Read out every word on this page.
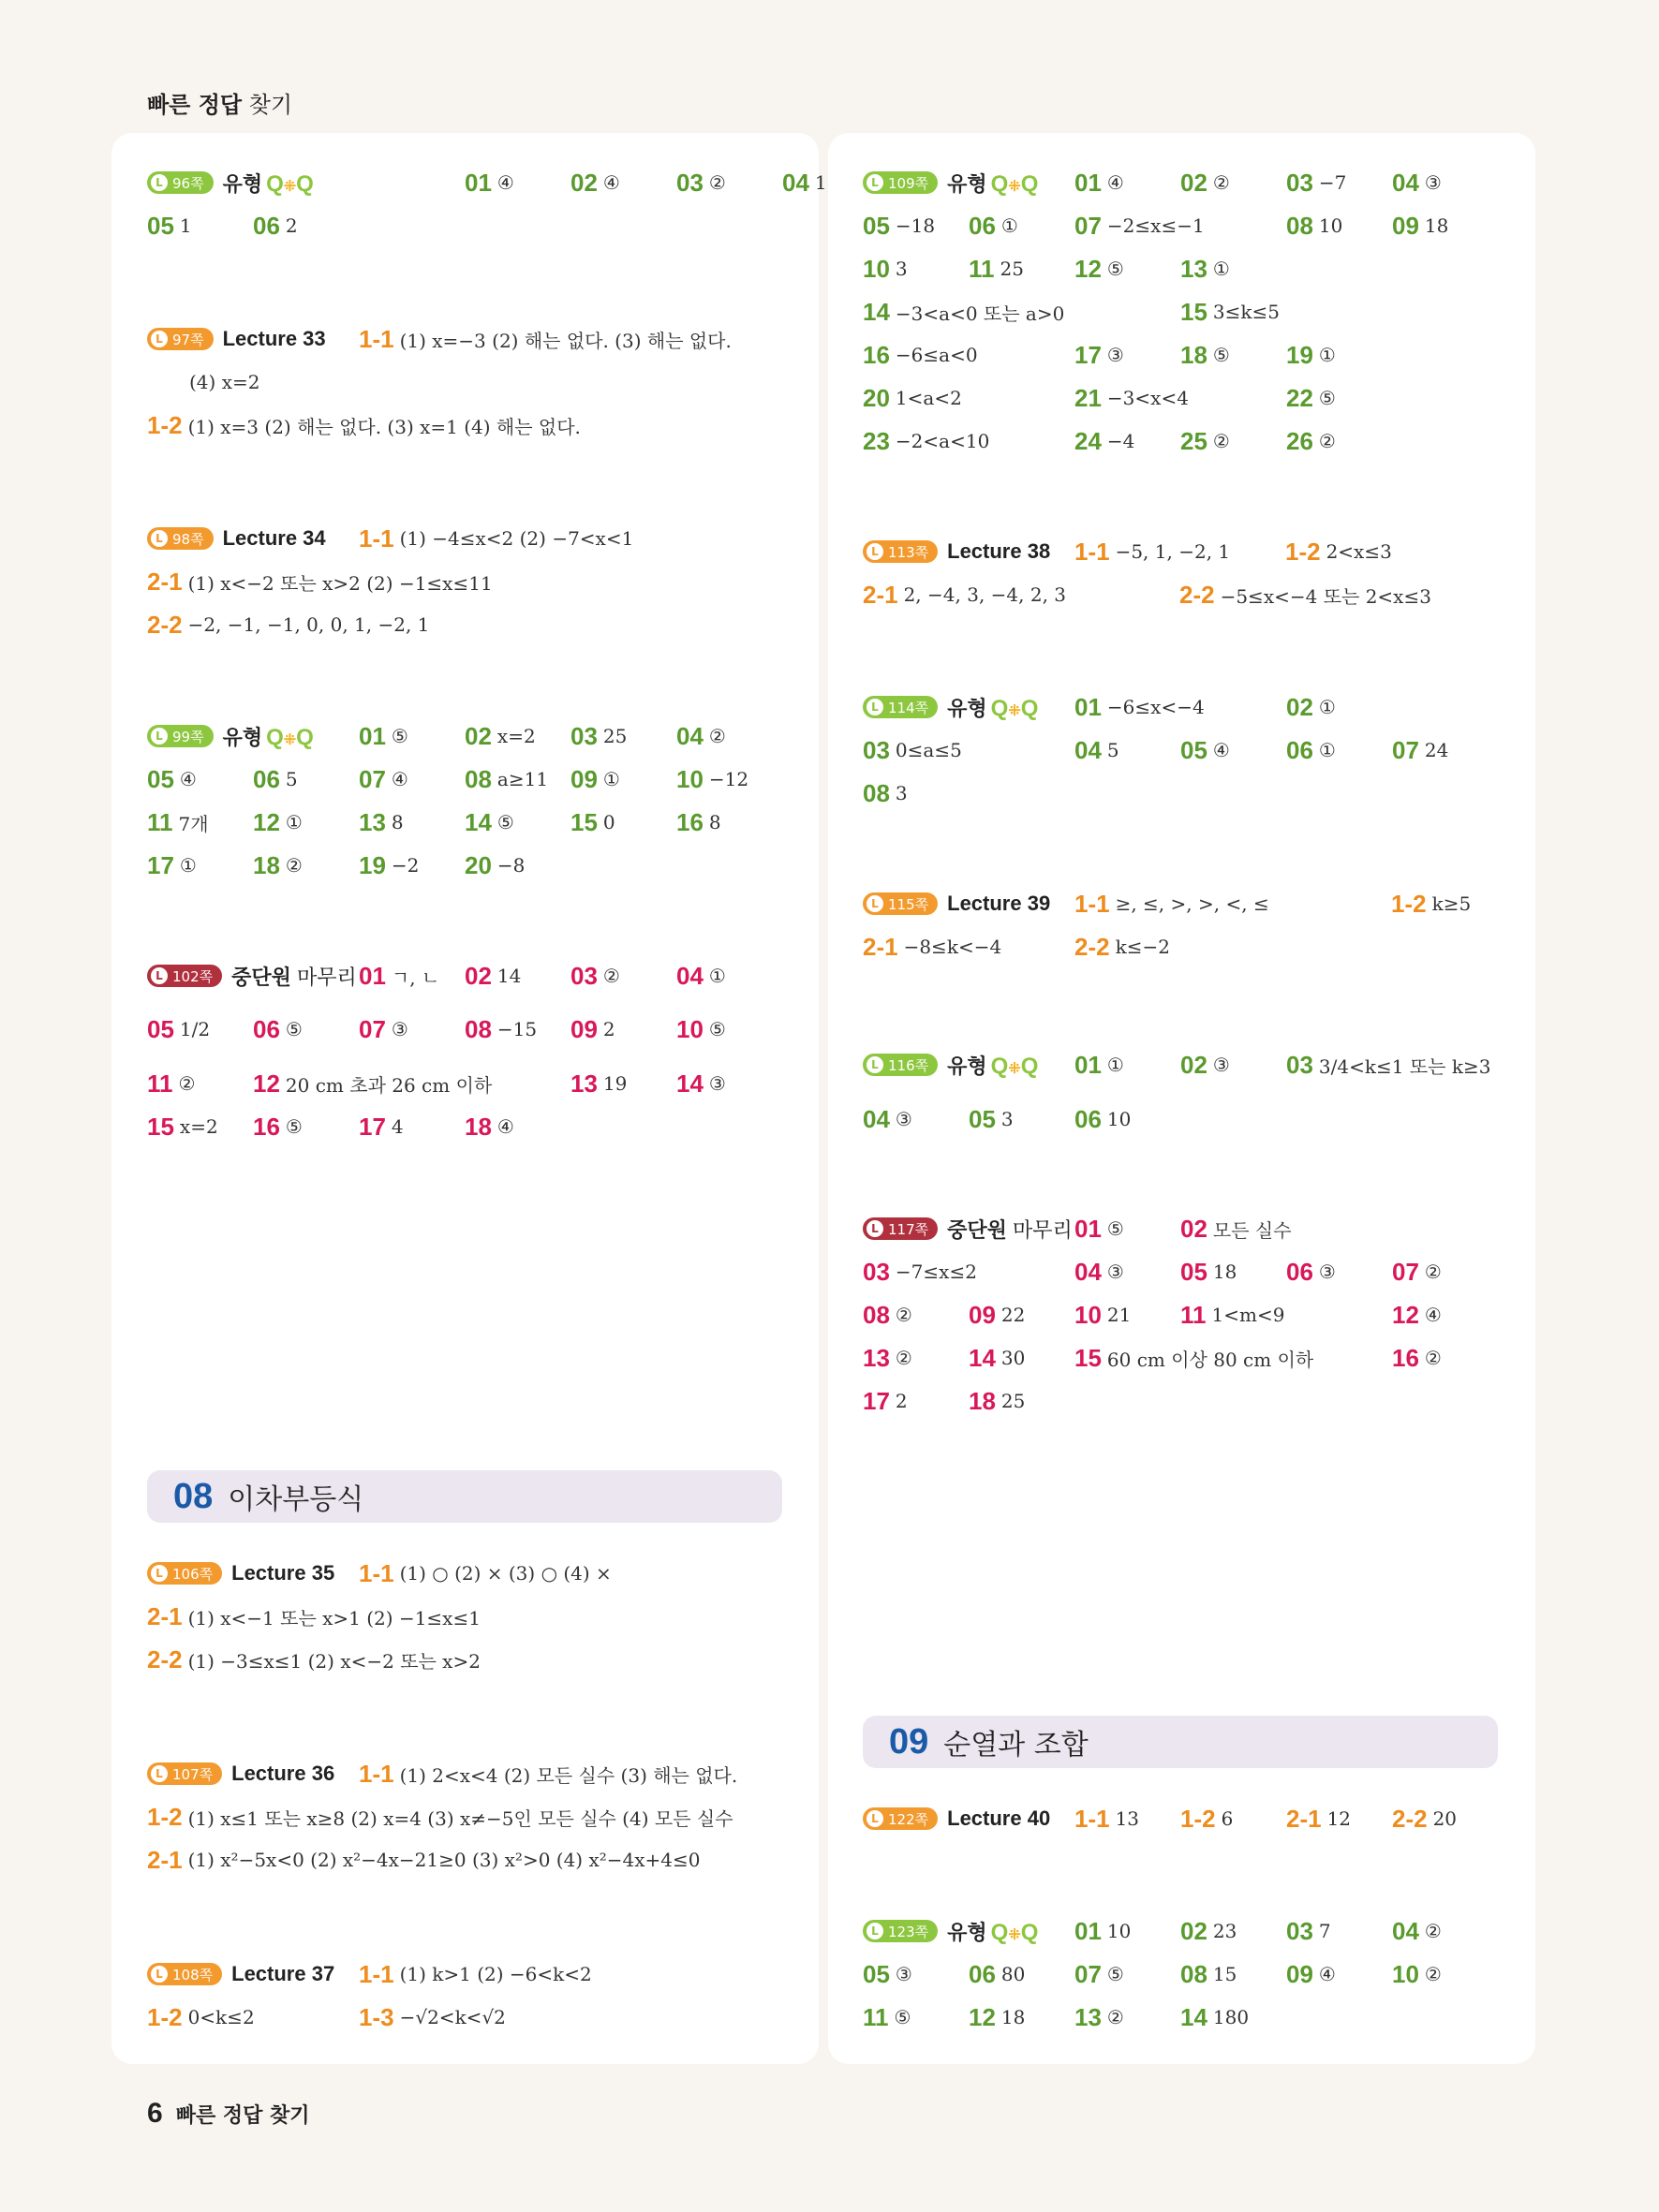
빠른 정답 찾기
L 96쪽 유형 Q ⁜Q	01 ④ 02 ④ 03 ② 04 1
05 1	06 2
L 97쪽 Lecture 33 1-1 (1) x=−3 (2) 해는 없다. (3) 해는 없다.
(4) x=2
1-2 (1) x=3 (2) 해는 없다. (3) x=1 (4) 해는 없다.
L 98쪽 Lecture 34 1-1 (1) −4≤x<2 (2) −7<x<1
2-1 (1) x<−2 또는 x>2 (2) −1≤x≤11
2-2 −2, −1, −1, 0, 0, 1, −2, 1
L 99쪽 유형 Q ⁜Q 01 ⑤ 02 x=2 03 25 04 ②
05 ④ 06 5	07 ④ 08 a≥11 09 ① 10 −12
11 7개 12 ① 13 8	14 ⑤ 15 0	16 8
17 ① 18 ② 19 −2 20 −8
L 102쪽 중단원 마무리 01 ㄱ, ㄴ 02 14 03 ② 04 ①
05 1/2 06 ⑤ 07 ③ 08 −15 09 2	10 ⑤
11 ② 12 20 cm 초과 26 cm 이하	13 19 14 ③
15 x=2 16 ⑤ 17 4	18 ④
L 106쪽 Lecture 35 1-1 (1) ○ (2) × (3) ○ (4) ×
2-1 (1) x<−1 또는 x>1 (2) −1≤x≤1
2-2 (1) −3≤x≤1 (2) x<−2 또는 x>2
L 107쪽 Lecture 36 1-1 (1) 2<x<4 (2) 모든 실수 (3) 해는 없다.
1-2 (1) x≤1 또는 x≥8 (2) x=4 (3) x≠−5인 모든 실수 (4) 모든 실수
2-1 (1) x²−5x<0 (2) x²−4x−21≥0 (3) x²>0 (4) x²−4x+4≤0
L 108쪽 Lecture 37 1-1 (1) k>1 (2) −6<k<2
1-2 0<k≤2	1-3 −√2<k<√2
L 109쪽 유형 Q ⁜Q 01 ④ 02 ② 03 −7 04 ③
05 −18 06 ① 07 −2≤x≤−1	08 10 09 18
10 3	11 25 12 ⑤ 13 ①
14 −3<a<0 또는 a>0	15 3≤k≤5
16 −6≤a<0	17 ③ 18 ⑤ 19 ①
20 1<a<2	21 −3<x<4	22 ⑤
23 −2<a<10	24 −4 25 ② 26 ②
L 113쪽 Lecture 38 1-1 −5, 1, −2, 1 1-2 2<x≤3
2-1 2, −4, 3, −4, 2, 3	2-2 −5≤x<−4 또는 2<x≤3
L 114쪽 유형 Q ⁜Q 01 −6≤x<−4	02 ①
03 0≤a≤5	04 5	05 ④ 06 ① 07 24
08 3
L 115쪽 Lecture 39 1-1 ≥, ≤, >, >, <, ≤	1-2 k≥5
2-1 −8≤k<−4	2-2 k≤−2
L 116쪽 유형 Q ⁜Q 01 ① 02 ③ 03 3/4<k≤1 또는 k≥3
04 ③ 05 3	06 10
L 117쪽 중단원 마무리 01 ⑤ 02 모든 실수
03 −7≤x≤2	04 ③ 05 18 06 ③ 07 ②
08 ② 09 22 10 21 11 1<m<9	12 ④
13 ② 14 30 15 60 cm 이상 80 cm 이하	16 ②
17 2	18 25
L 122쪽 Lecture 40 1-1 13 1-2 6 2-1 12 2-2 20
L 123쪽 유형 Q ⁜Q 01 10 02 23 03 7	04 ②
05 ③ 06 80 07 ⑤ 08 15 09 ④ 10 ②
11 ⑤ 12 18 13 ② 14 180
08 이차부등식
09 순열과 조합
6 빠른 정답 찾기
